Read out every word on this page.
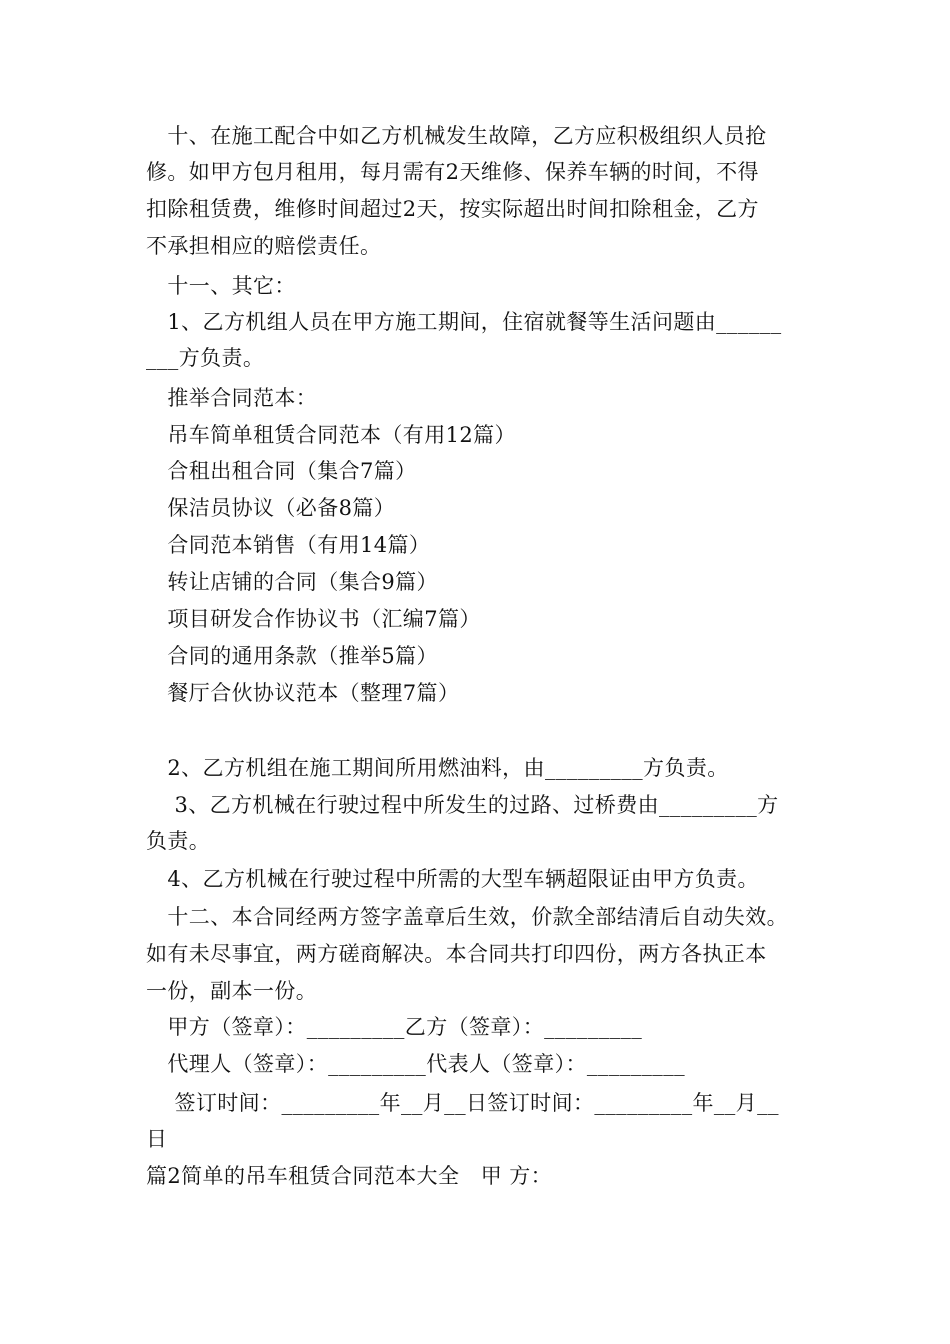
　十、在施工配合中如乙方机械发生故障，乙方应积极组织人员抢
修。如甲方包月租用，每月需有2天维修、保养车辆的时间，不得
扣除租赁费，维修时间超过2天，按实际超出时间扣除租金，乙方
不承担相应的赔偿责任。
　十一、其它：
　1、乙方机组人员在甲方施工期间，住宿就餐等生活问题由______
___方负责。
　推举合同范本：
　吊车简单租赁合同范本（有用12篇）
　合租出租合同（集合7篇）
　保洁员协议（必备8篇）
　合同范本销售（有用14篇）
　转让店铺的合同（集合9篇）
　项目研发合作协议书（汇编7篇）
　合同的通用条款（推举5篇）
　餐厅合伙协议范本（整理7篇）
　2、乙方机组在施工期间所用燃油料，由_________方负责。
　 3、乙方机械在行驶过程中所发生的过路、过桥费由_________方
负责。
　4、乙方机械在行驶过程中所需的大型车辆超限证由甲方负责。
　十二、本合同经两方签字盖章后生效，价款全部结清后自动失效。
如有未尽事宜，两方磋商解决。本合同共打印四份，两方各执正本
一份，副本一份。
　甲方（签章）：_________乙方（签章）：_________
　代理人（签章）：_________代表人（签章）：_________
　 签订时间：_________年__月__日签订时间：_________年__月__
日
篇2简单的吊车租赁合同范本大全　甲 方：
